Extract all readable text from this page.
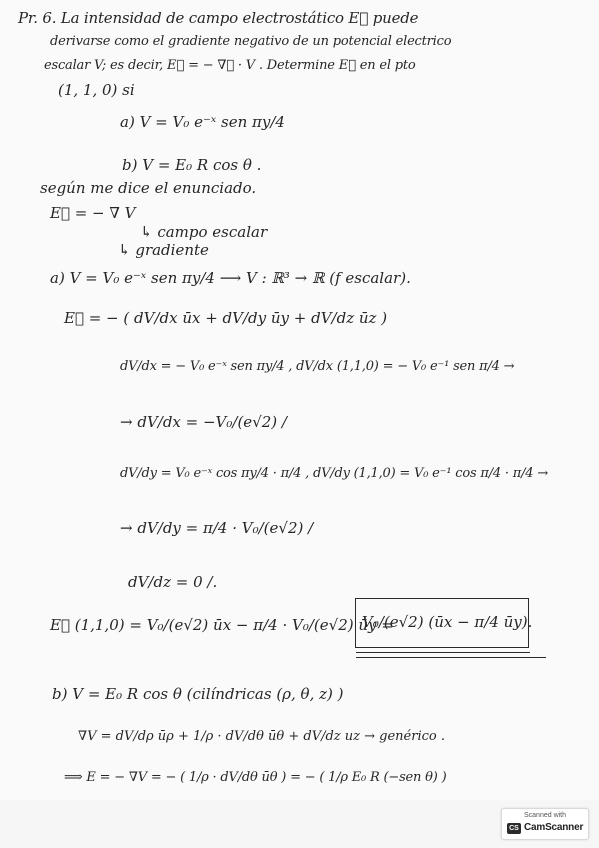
Pr. 6. La intensidad de campo electrostático E⃗ puede

derivarse como el gradiente negativo de un potencial electrico

escalar V; es decir, E⃗ = − ∇⃗ · V . Determine E⃗ en el pto

(1, 1, 0) si

a) V = V₀ e⁻ˣ sen πy/4

b) V = E₀ R cos θ .

según me dice el enunciado.

E⃗ = − ∇ V

↳ campo escalar

↳ gradiente

a) V = V₀ e⁻ˣ sen πy/4 ⟶ V : ℝ³ → ℝ (f escalar).

E⃗ = − ( dV/dx ūx + dV/dy ūy + dV/dz ūz )

dV/dx = − V₀ e⁻ˣ sen πy/4 , dV/dx (1,1,0) = − V₀ e⁻¹ sen π/4 →

→ dV/dx = −V₀/(e√2) /

dV/dy = V₀ e⁻ˣ cos πy/4 · π/4 , dV/dy (1,1,0) = V₀ e⁻¹ cos π/4 · π/4 →

→ dV/dy = π/4 · V₀/(e√2) /

dV/dz = 0 /.

E⃗ (1,1,0) = V₀/(e√2) ūx − π/4 · V₀/(e√2) ūy =

V₀/(e√2) (ūx − π/4 ūy).

b) V = E₀ R cos θ (cilíndricas (ρ, θ, z) )

∇V = dV/dρ ūρ + 1/ρ · dV/dθ ūθ + dV/dz uz → genérico .

⟹ E = − ∇V = − ( 1/ρ · dV/dθ ūθ ) = − ( 1/ρ E₀ R (−sen θ) )

Scanned with
CS CamScanner
